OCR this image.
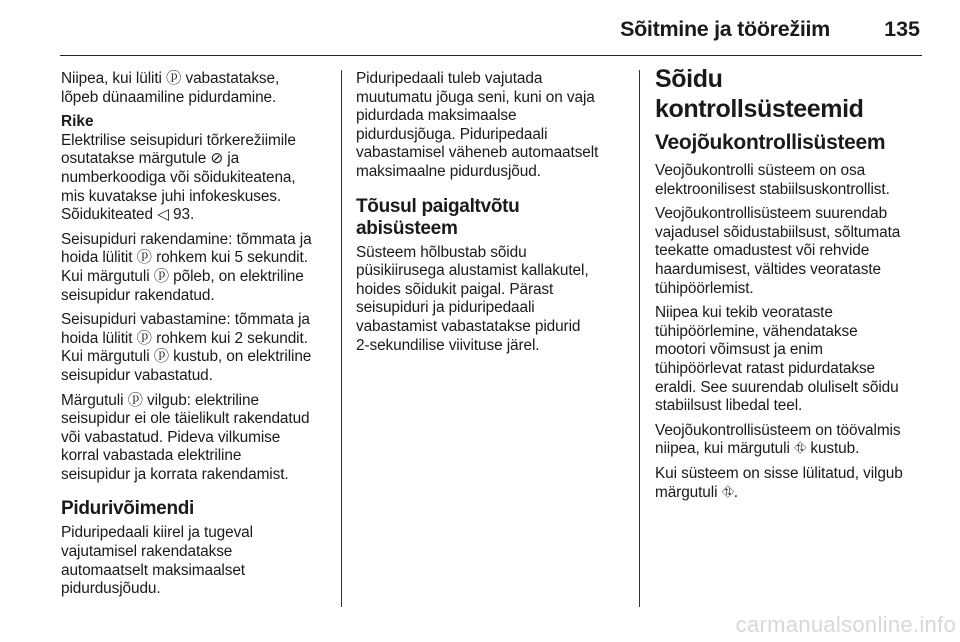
Sõitmine ja töörežiim	135

Niipea, kui lüliti ⓟ vabastatakse,
lõpeb dünaamiline pidurdamine.

Rike

Elektrilise seisupiduri tõrkerežiimile
osutatakse märgutule ⊘ ja
numberkoodiga või sõidukiteatena,
mis kuvatakse juhi infokeskuses.
Sõidukiteated ◁ 93.

Seisupiduri rakendamine: tõmmata ja
hoida lülitit ⓟ rohkem kui 5 sekundit.
Kui märgutuli ⓟ põleb, on elektriline
seisupidur rakendatud.

Seisupiduri vabastamine: tõmmata ja
hoida lülitit ⓟ rohkem kui 2 sekundit.
Kui märgutuli ⓟ kustub, on elektriline
seisupidur vabastatud.

Märgutuli ⓟ vilgub: elektriline
seisupidur ei ole täielikult rakendatud
või vabastatud. Pideva vilkumise
korral vabastada elektriline
seisupidur ja korrata rakendamist.

Pidurivõimendi

Piduripedaali kiirel ja tugeval
vajutamisel rakendatakse
automaatselt maksimaalset
pidurdusjõudu.

Piduripedaali tuleb vajutada
muutumatu jõuga seni, kuni on vaja
pidurdada maksimaalse
pidurdusjõuga. Piduripedaali
vabastamisel väheneb automaatselt
maksimaalne pidurdusjõud.

Tõusul paigaltvõtu abisüsteem

Süsteem hõlbustab sõidu
püsikiirusega alustamist kallakutel,
hoides sõidukit paigal. Pärast
seisupiduri ja piduripedaali
vabastamist vabastatakse pidurid
2-sekundilise viivituse järel.

Sõidu kontrollsüsteemid

Veojõukontrollisüsteem

Veojõukontrolli süsteem on osa
elektroonilisest stabiilsuskontrollist.

Veojõukontrollisüsteem suurendab
vajadusel sõidustabiilsust, sõltumata
teekatte omadustest või rehvide
haardumisest, vältides veorataste
tühipöörlemist.

Niipea kui tekib veorataste
tühipöörlemine, vähendatakse
mootori võimsust ja enim
tühipöörlevat ratast pidurdatakse
eraldi. See suurendab oluliselt sõidu
stabiilsust libedal teel.

Veojõukontrollisüsteem on töövalmis
niipea, kui märgutuli ⛗ kustub.

Kui süsteem on sisse lülitatud, vilgub
märgutuli ⛗.

carmanualsonline.info
